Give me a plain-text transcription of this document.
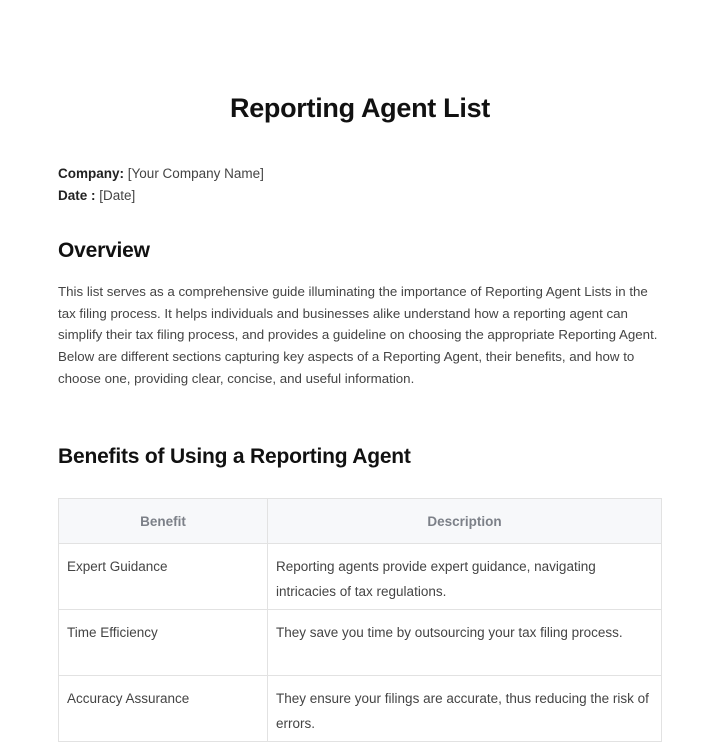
Reporting Agent List
Company: [Your Company Name]
Date : [Date]
Overview

This list serves as a comprehensive guide illuminating the importance of Reporting Agent Lists in the tax filing process. It helps individuals and businesses alike understand how a reporting agent can simplify their tax filing process, and provides a guideline on choosing the appropriate Reporting Agent. Below are different sections capturing key aspects of a Reporting Agent, their benefits, and how to choose one, providing clear, concise, and useful information.

Benefits of Using a Reporting Agent
Benefit	Description
Expert Guidance	Reporting agents provide expert guidance, navigating intricacies of tax regulations.
Time Efficiency	They save you time by outsourcing your tax filing process.
Accuracy Assurance	They ensure your filings are accurate, thus reducing the risk of errors.
